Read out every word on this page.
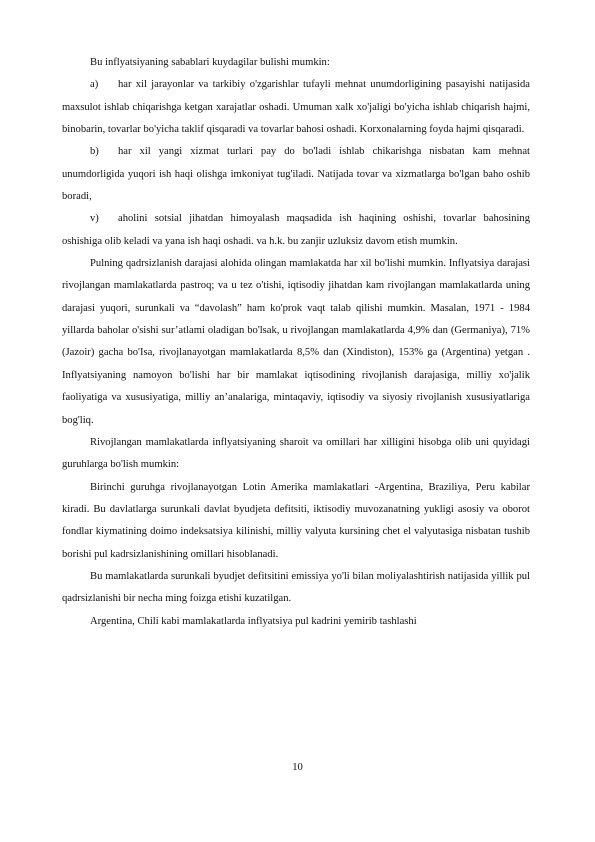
Bu inflyatsiyaning sabablari kuydagilar bulishi mumkin:

a) har xil jarayonlar va tarkibiy o'zgarishlar tufayli mehnat unumdorligining pasayishi natijasida maxsulot ishlab chiqarishga ketgan xarajatlar oshadi. Umuman xalk xo'jaligi bo'yicha ishlab chiqarish hajmi, binobarin, tovarlar bo'yicha taklif qisqaradi va tovarlar bahosi oshadi. Korxonalarning foyda hajmi qisqaradi.

b) har xil yangi xizmat turlari pay do bo'ladi ishlab chikarishga nisbatan kam mehnat unumdorligida yuqori ish haqi olishga imkoniyat tug'iladi. Natijada tovar va xizmatlarga bo'lgan baho oshib boradi,

v) aholini sotsial jihatdan himoyalash maqsadida ish haqining oshishi, tovarlar bahosining oshishiga olib keladi va yana ish haqi oshadi. va h.k. bu zanjir uzluksiz davom etish mumkin.

Pulning qadrsizlanish darajasi alohida olingan mamlakatda har xil bo'lishi mumkin. Inflyatsiya darajasi rivojlangan mamlakatlarda pastroq; va u tez o'tishi, iqtisodiy jihatdan kam rivojlangan mamlakatlarda uning darajasi yuqori, surunkali va “davolash” ham ko'prok vaqt talab qilishi mumkin. Masalan, 1971 - 1984 yillarda baholar o'sishi sur’atlami oladigan bo'lsak, u rivojlangan mamlakatlarda 4,9% dan (Germaniya), 71% (Jazoir) gacha bo'Isa, rivojlanayotgan mamlakatlarda 8,5% dan (Xindiston), 153% ga (Argentina) yetgan . Inflyatsiyaning namoyon bo'lishi har bir mamlakat iqtisodining rivojlanish darajasiga, milliy xo'jalik faoliyatiga va xususiyatiga, milliy an’analariga, mintaqaviy, iqtisodiy va siyosiy rivojlanish xususiyatlariga bog'liq.

Rivojlangan mamlakatlarda inflyatsiyaning sharoit va omillari har xilligini hisobga olib uni quyidagi guruhlarga bo'lish mumkin:

Birinchi guruhga rivojlanayotgan Lotin Amerika mamlakatlari -Argentina, Braziliya, Peru kabilar kiradi. Bu davlatlarga surunkali davlat byudjeta defitsiti, iktisodiy muvozanatning yukligi asosiy va oborot fondlar kiymatining doimo indeksatsiya kilinishi, milliy valyuta kursining chet el valyutasiga nisbatan tushib borishi pul kadrsizlanishining omillari hisoblanadi.

Bu mamlakatlarda surunkali byudjet defitsitini emissiya yo'li bilan moliyalashtirish natijasida yillik pul qadrsizlanishi bir necha ming foizga etishi kuzatilgan.

Argentina, Chili kabi mamlakatlarda inflyatsiya pul kadrini yemirib tashlashi

10
